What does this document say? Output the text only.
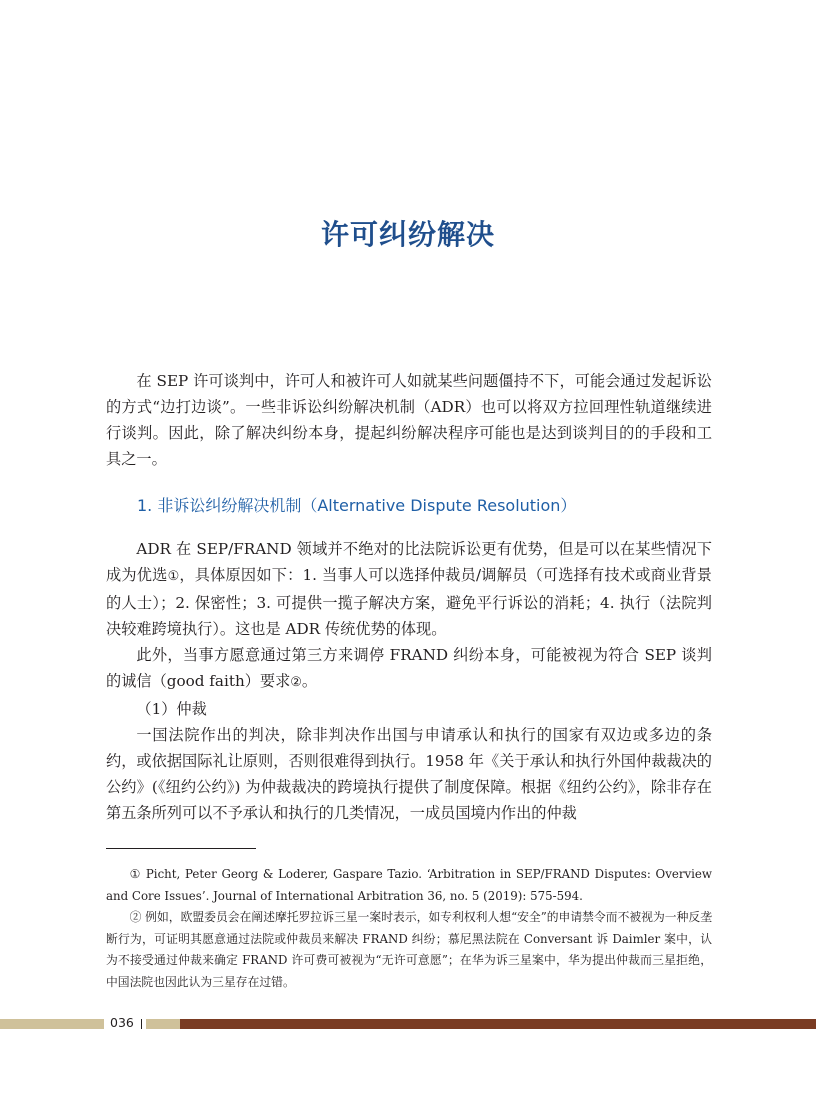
许可纠纷解决

在 SEP 许可谈判中，许可人和被许可人如就某些问题僵持不下，可能会通过发起诉讼的方式“边打边谈”。一些非诉讼纠纷解决机制（ADR）也可以将双方拉回理性轨道继续进行谈判。因此，除了解决纠纷本身，提起纠纷解决程序可能也是达到谈判目的的手段和工具之一。

1. 非诉讼纠纷解决机制（Alternative Dispute Resolution）

ADR 在 SEP/FRAND 领域并不绝对的比法院诉讼更有优势，但是可以在某些情况下成为优选①，具体原因如下：1. 当事人可以选择仲裁员/调解员（可选择有技术或商业背景的人士）；2. 保密性；3. 可提供一揽子解决方案，避免平行诉讼的消耗；4. 执行（法院判决较难跨境执行）。这也是 ADR 传统优势的体现。

此外，当事方愿意通过第三方来调停 FRAND 纠纷本身，可能被视为符合 SEP 谈判的诚信（good faith）要求②。

（1）仲裁

一国法院作出的判决，除非判决作出国与申请承认和执行的国家有双边或多边的条约，或依据国际礼让原则，否则很难得到执行。1958 年《关于承认和执行外国仲裁裁决的公约》(《纽约公约》) 为仲裁裁决的跨境执行提供了制度保障。根据《纽约公约》，除非存在第五条所列可以不予承认和执行的几类情况，一成员国境内作出的仲裁

① Picht, Peter Georg & Loderer, Gaspare Tazio. ‘Arbitration in SEP/FRAND Disputes: Overview and Core Issues’. Journal of International Arbitration 36, no. 5 (2019): 575-594.

② 例如，欧盟委员会在阐述摩托罗拉诉三星一案时表示，如专利权利人想“安全”的申请禁令而不被视为一种反垄断行为，可证明其愿意通过法院或仲裁员来解决 FRAND 纠纷；慕尼黑法院在 Conversant 诉 Daimler 案中，认为不接受通过仲裁来确定 FRAND 许可费可被视为“无许可意愿”；在华为诉三星案中，华为提出仲裁而三星拒绝，中国法院也因此认为三星存在过错。

036
